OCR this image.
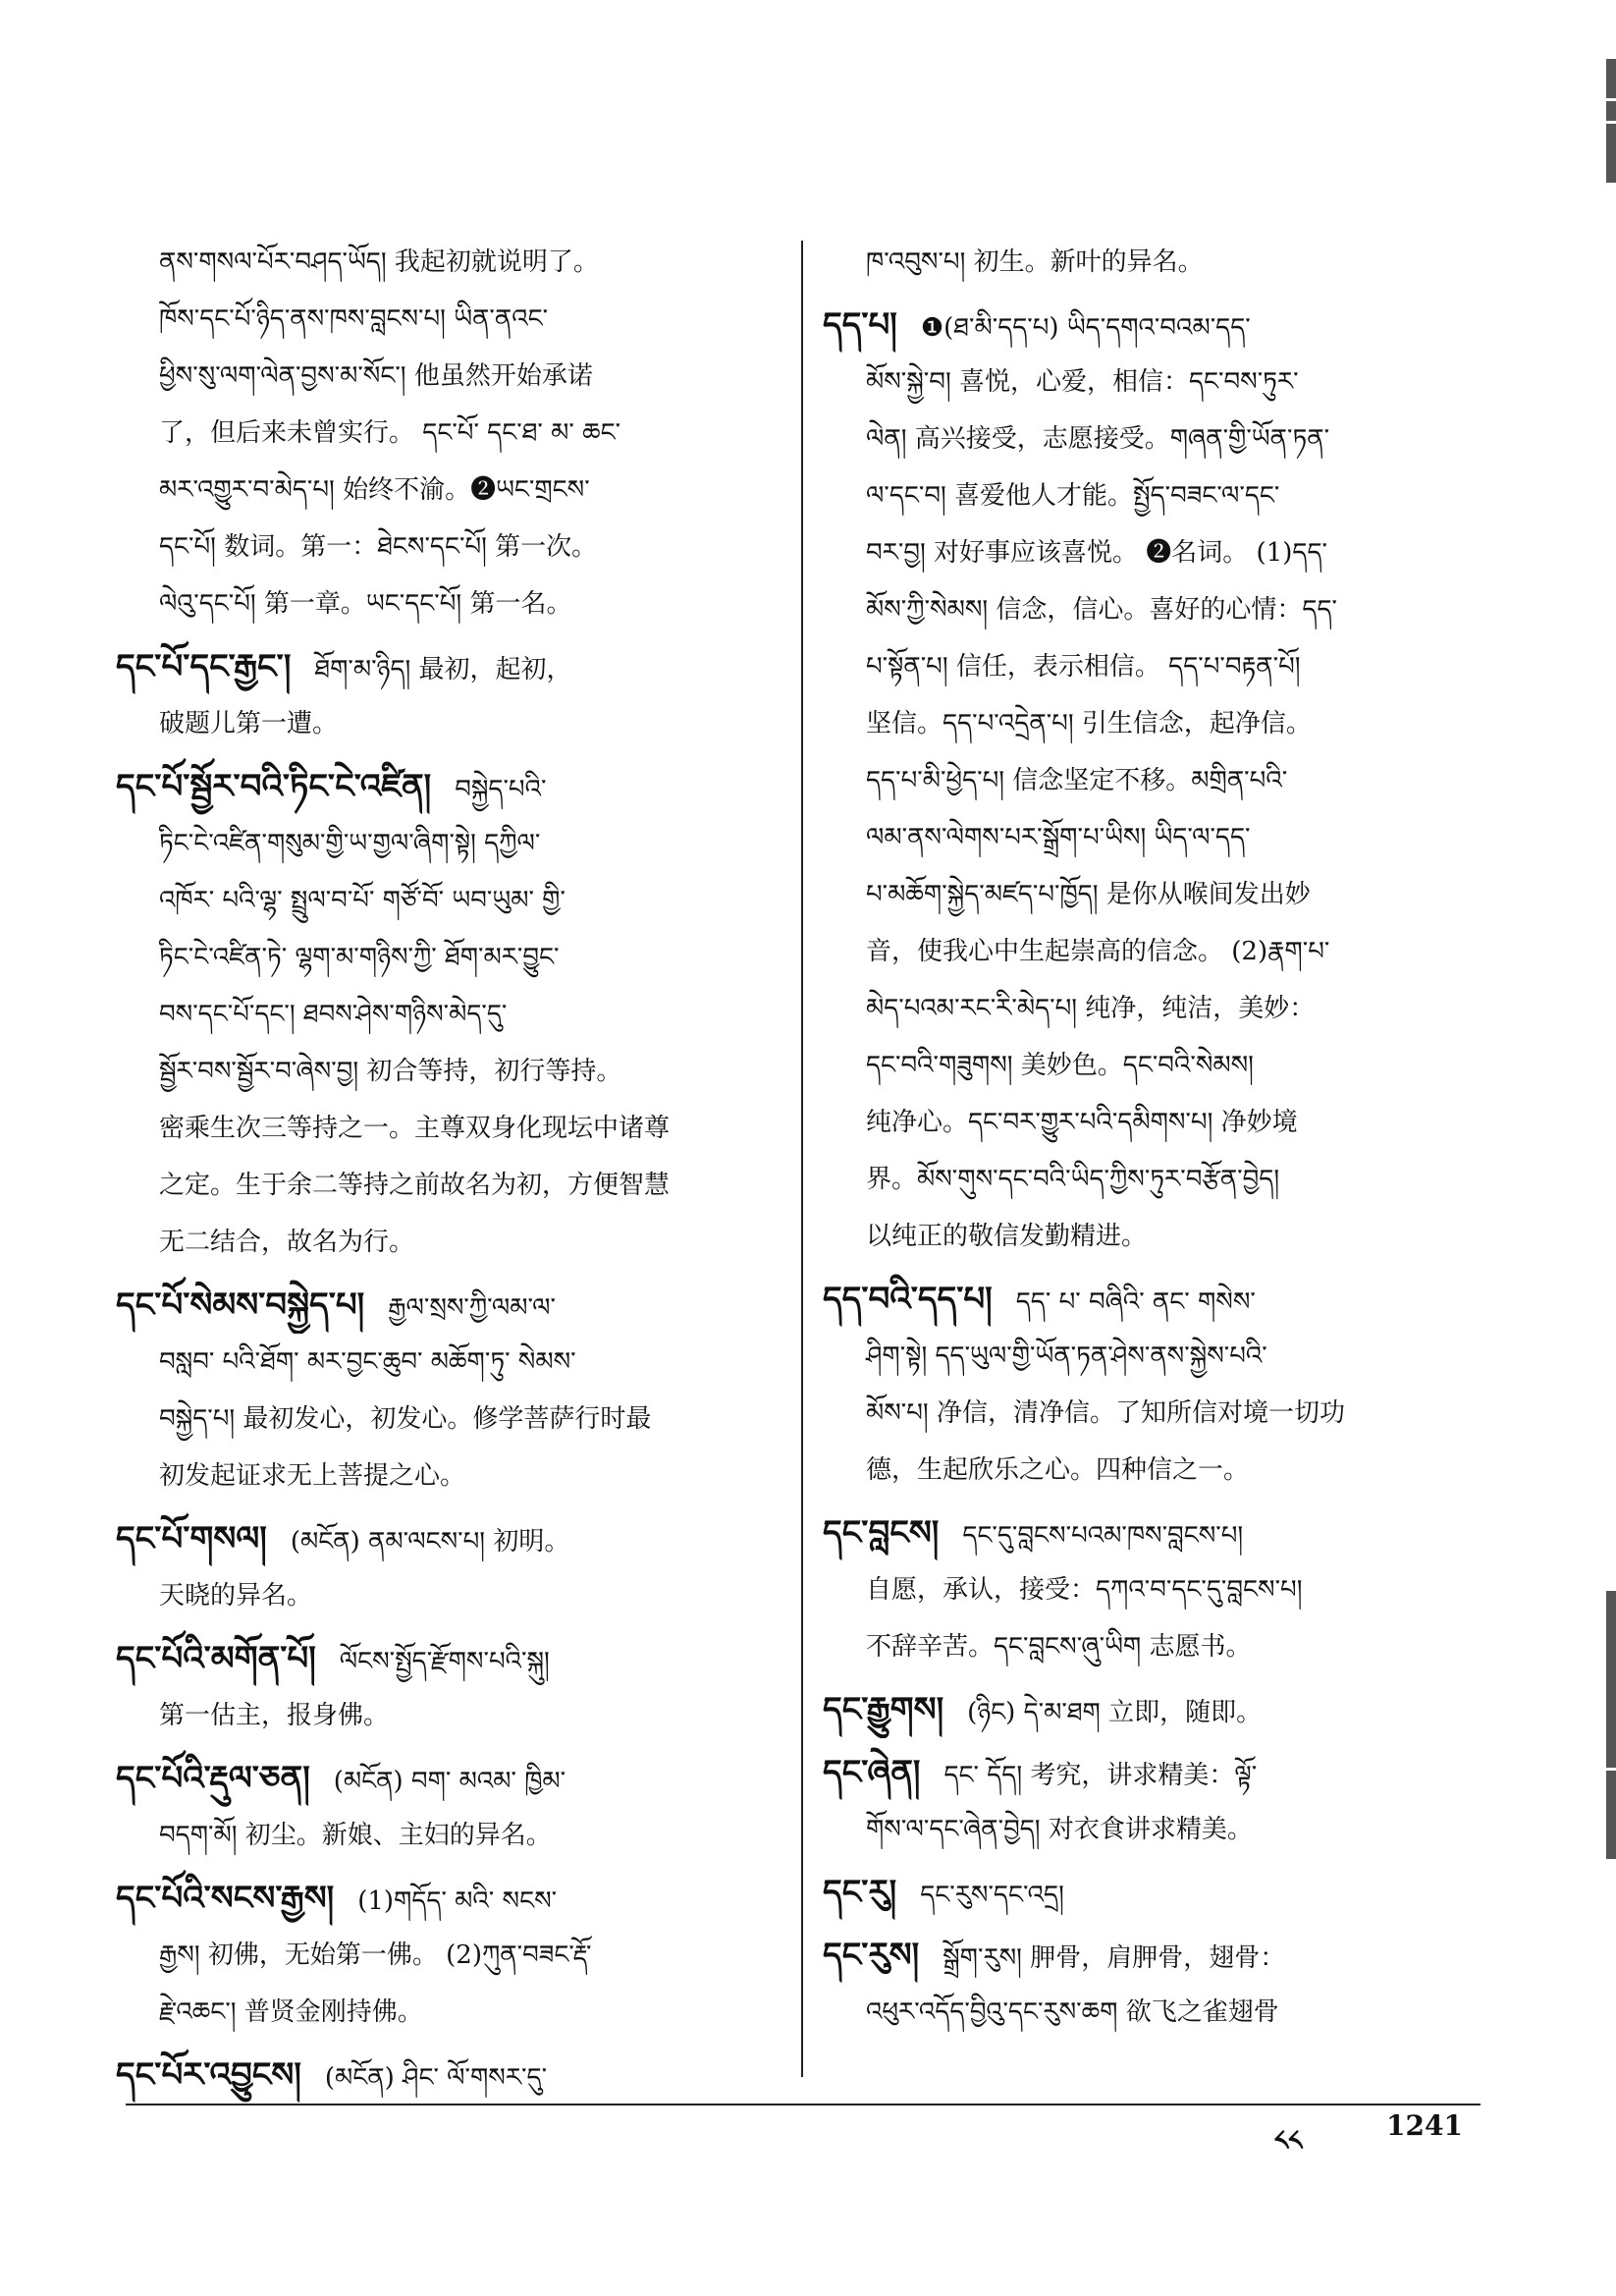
ནས་གསལ་པོར་བཤད་ཡོད། 我起初就说明了。
ཁོས་དང་པོ་ཉིད་ནས་ཁས་བླངས་པ། ཡིན་ནའང་
ཕྱིས་སུ་ལག་ལེན་བྱས་མ་སོང་། 他虽然开始承诺
了，但后来未曾实行。 དང་པོ་ དང་ཐ་ མ་ ཆང་
མར་འགྱུར་བ་མེད་པ། 始终不渝。❷ཡང་གྲངས་
དང་པོ། 数词。第一：ཐེངས་དང་པོ། 第一次。
ལེའུ་དང་པོ། 第一章。ཡང་དང་པོ། 第一名。
དང་པོ་དང་རྒྱང་། ཐོག་མ་ཉིད། 最初，起初，
破题儿第一遭。
དང་པོ་སྦྱོར་བའི་ཏིང་ངེ་འཛིན། བསྐྱེད་པའི་
ཏིང་ངེ་འཛིན་གསུམ་གྱི་ཡ་གྱལ་ཞིག་སྟེ། དཀྱིལ་
འཁོར་ པའི་ལྷ་ སྤྲུལ་བ་པོ་ གཙོ་བོ་ ཡབ་ཡུམ་ གྱི་
ཏིང་ངེ་འཛིན་ཏེ་ ལྷག་མ་གཉིས་ཀྱི་ ཐོག་མར་བྱུང་
བས་དང་པོ་དང་། ཐབས་ཤེས་གཉིས་མེད་དུ་
སྦྱོར་བས་སྦྱོར་བ་ཞེས་བྱ། 初合等持，初行等持。
密乘生次三等持之一。主尊双身化现坛中诸尊
之定。生于余二等持之前故名为初，方便智慧
无二结合，故名为行。
དང་པོ་སེམས་བསྐྱེད་པ། རྒྱལ་སྲས་ཀྱི་ལམ་ལ་
བསླབ་ པའི་ཐོག་ མར་བྱང་ཆུབ་ མཆོག་ཏུ་ སེམས་
བསྐྱེད་པ། 最初发心，初发心。修学菩萨行时最
初发起证求无上菩提之心。
དང་པོ་གསལ། (མངོན) ནམ་ལངས་པ། 初明。
天晓的异名。
དང་པོའི་མགོན་པོ། ལོངས་སྤྱོད་རྫོགས་པའི་སྐུ།
第一估主，报身佛。
དང་པོའི་རྡུལ་ཅན། (མངོན) བག་ མའམ་ ཁྱིམ་
བདག་མོ། 初尘。新娘、主妇的异名。
དང་པོའི་སངས་རྒྱས། (1)གདོད་ མའི་ སངས་
རྒྱས། 初佛，无始第一佛。 (2)ཀུན་བཟང་རྡོ་
རྗེ་འཆང་། 普贤金刚持佛。
དང་པོར་འབྱུངས། (མངོན) ཤིང་ ལོ་གསར་དུ་
ཁ་འབུས་པ། 初生。新叶的异名。
དད་པ། ❶(ཐ་མི་དད་པ) ཡིད་དགའ་བའམ་དད་
མོས་སྐྱེ་བ། 喜悦，心爱，相信：དང་བས་ཏུར་
ལེན། 高兴接受，志愿接受。གཞན་གྱི་ཡོན་ཏན་
ལ་དང་བ། 喜爱他人才能。སྤྱོད་བཟང་ལ་དང་
བར་བྱ། 对好事应该喜悦。 ❷名词。 (1)དད་
མོས་ཀྱི་སེམས། 信念，信心。喜好的心情：དད་
པ་སྟོན་པ། 信任，表示相信。 དད་པ་བརྟན་པོ།
坚信。དད་པ་འདྲེན་པ། 引生信念，起净信。
དད་པ་མི་ཕྱེད་པ། 信念坚定不移。མགྲིན་པའི་
ལམ་ནས་ལེགས་པར་སྒྲོག་པ་ཡིས། ཡིད་ལ་དད་
པ་མཆོག་སྐྱེད་མཛད་པ་ཁྱོད། 是你从喉间发出妙
音，使我心中生起崇高的信念。 (2)རྣག་པ་
མེད་པའམ་རང་རི་མེད་པ། 纯净，纯洁，美妙：
དང་བའི་གཟུགས། 美妙色。དང་བའི་སེམས།
纯净心。དང་བར་གྱུར་པའི་དམིགས་པ། 净妙境
界。མོས་གུས་དང་བའི་ཡིད་ཀྱིས་ཏུར་བརྩོན་བྱེད།
以纯正的敬信发勤精进。
དད་བའི་དད་པ། དད་ པ་ བཞིའི་ ནང་ གསེས་
ཤིག་སྟེ། དད་ཡུལ་གྱི་ཡོན་ཏན་ཤེས་ནས་སྐྱེས་པའི་
མོས་པ། 净信，清净信。了知所信对境一切功
德，生起欣乐之心。四种信之一。
དང་བླངས། དང་དུ་བླངས་པའམ་ཁས་བླངས་པ།
自愿，承认，接受：དཀའ་བ་དང་དུ་བླངས་པ།
不辞辛苦。དང་བླངས་ཞུ་ཡིག 志愿书。
དང་རྒྱུགས། (ཉིང) དེ་མ་ཐག 立即，随即。
དང་ཞེན། དང་ དོད། 考究，讲求精美：ལྟོ་
གོས་ལ་དང་ཞེན་བྱེད། 对衣食讲求精美。
དང་རུ། དང་རུས་དང་འདྲ།
དང་རུས། སྒྲོག་རུས། 胛骨，肩胛骨，翅骨：
འཕུར་འདོད་བྱིའུ་དང་རུས་ཆག 欲飞之雀翅骨
༨༨	1241
